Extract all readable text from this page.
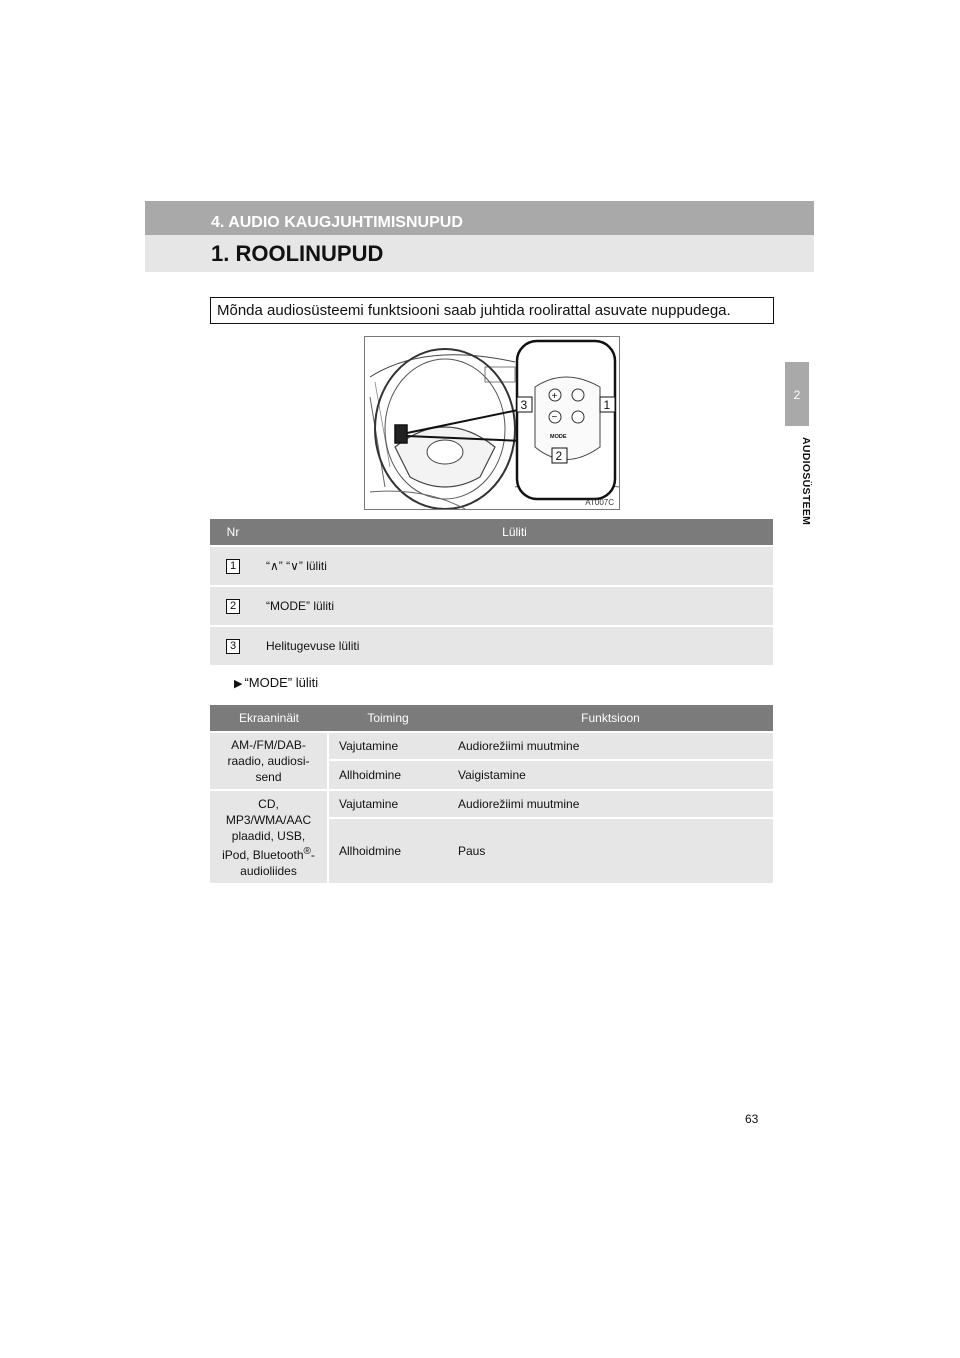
4. AUDIO KAUGJUHTIMISNUPUD
1. ROOLINUPUD
2
AUDIOSÜSTEEM
Mõnda audiosüsteemi funktsiooni saab juhtida roolirattal asuvate nuppudega.
+
−
MODE
3	1
2
AT007C
Nr	Lüliti
1	“∧” “∨” lüliti
2	“MODE” lüliti
3	Helitugevuse lüliti
▶ “MODE” lüliti
Ekraaninäit	Toiming	Funktsioon
AM-/FM/DAB-
raadio, audiosi-
send	Vajutamine	Audiorežiimi muutmine
	Allhoidmine	Vaigistamine
CD,
MP3/WMA/AAC
plaadid, USB,
iPod, Bluetooth®-
audioliides	Vajutamine	Audiorežiimi muutmine
	Allhoidmine	Paus
63
